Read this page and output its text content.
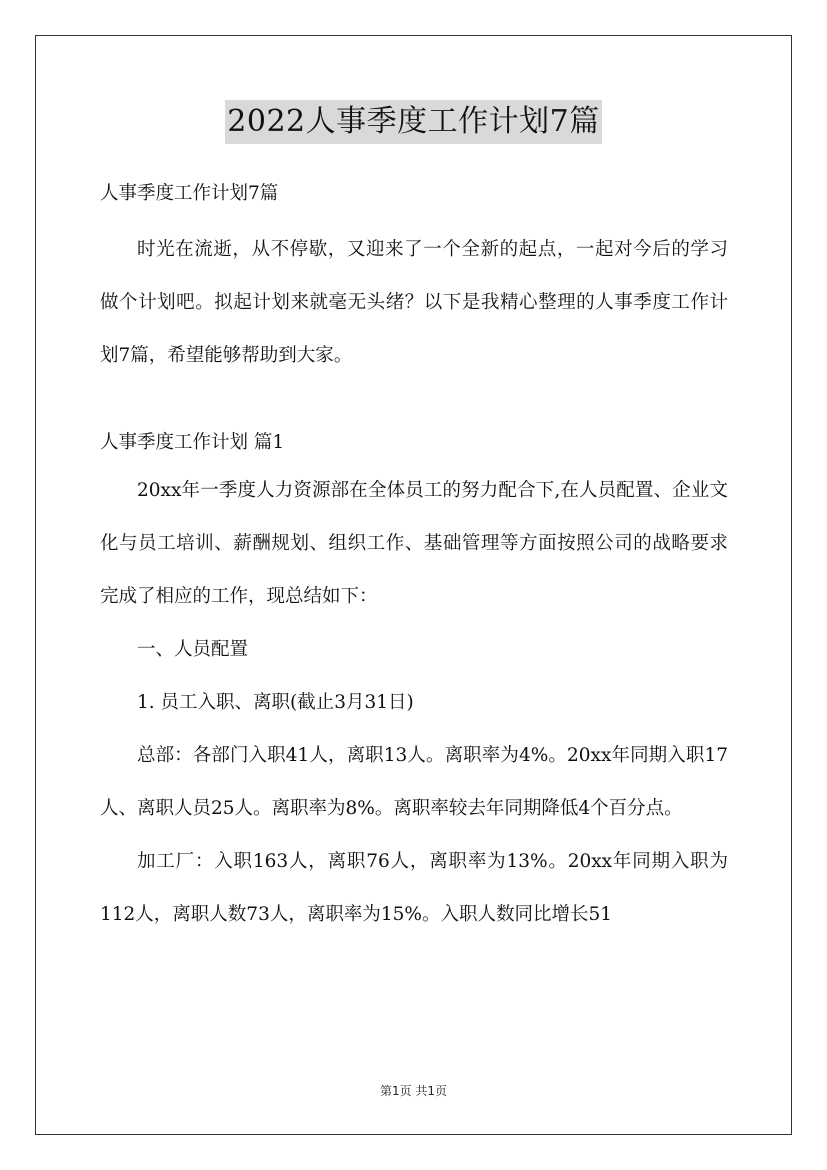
2022人事季度工作计划7篇
人事季度工作计划7篇

时光在流逝，从不停歇，又迎来了一个全新的起点，一起对今后的学习做个计划吧。拟起计划来就毫无头绪？以下是我精心整理的人事季度工作计划7篇，希望能够帮助到大家。

人事季度工作计划 篇1

20xx年一季度人力资源部在全体员工的努力配合下,在人员配置、企业文化与员工培训、薪酬规划、组织工作、基础管理等方面按照公司的战略要求完成了相应的工作，现总结如下：

一、人员配置
1. 员工入职、离职(截止3月31日)

总部：各部门入职41人，离职13人。离职率为4%。20xx年同期入职17人、离职人员25人。离职率为8%。离职率较去年同期降低4个百分点。

加工厂：入职163人，离职76人，离职率为13%。20xx年同期入职为112人，离职人数73人，离职率为15%。入职人数同比增长51

第1页 共1页
